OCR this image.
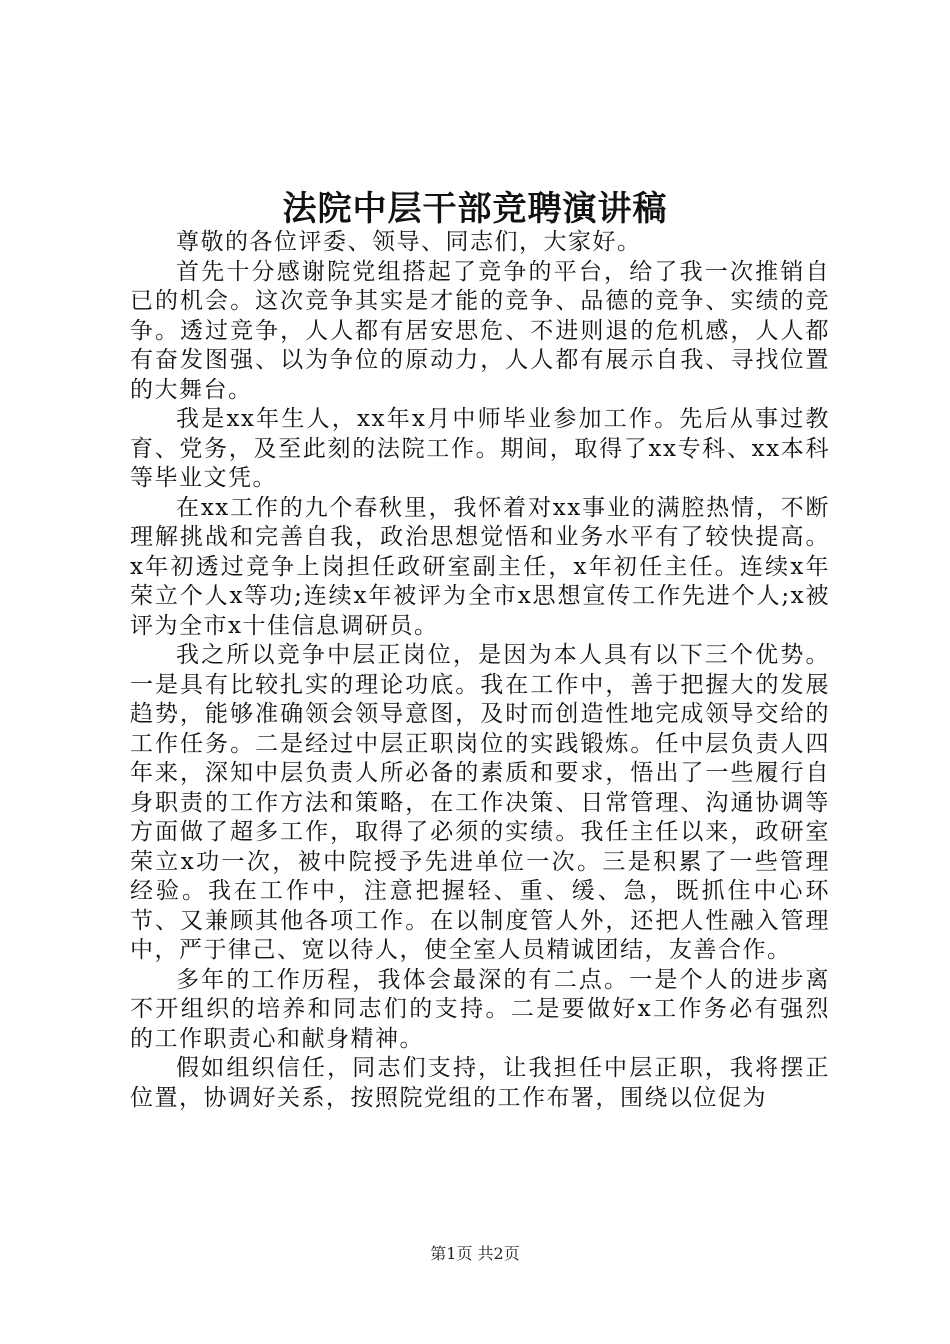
法院中层干部竞聘演讲稿

尊敬的各位评委、领导、同志们，大家好。

首先十分感谢院党组搭起了竞争的平台，给了我一次推销自已的机会。这次竞争其实是才能的竞争、品德的竞争、实绩的竞争。透过竞争，人人都有居安思危、不进则退的危机感，人人都有奋发图强、以为争位的原动力，人人都有展示自我、寻找位置的大舞台。

我是xx年生人，xx年x月中师毕业参加工作。先后从事过教育、党务，及至此刻的法院工作。期间，取得了xx专科、xx本科等毕业文凭。

在xx工作的九个春秋里，我怀着对xx事业的满腔热情，不断理解挑战和完善自我，政治思想觉悟和业务水平有了较快提高。x年初透过竞争上岗担任政研室副主任，x年初任主任。连续x年荣立个人x等功;连续x年被评为全市x思想宣传工作先进个人;x被评为全市x十佳信息调研员。

我之所以竞争中层正岗位，是因为本人具有以下三个优势。一是具有比较扎实的理论功底。我在工作中，善于把握大的发展趋势，能够准确领会领导意图，及时而创造性地完成领导交给的工作任务。二是经过中层正职岗位的实践锻炼。任中层负责人四年来，深知中层负责人所必备的素质和要求，悟出了一些履行自身职责的工作方法和策略，在工作决策、日常管理、沟通协调等方面做了超多工作，取得了必须的实绩。我任主任以来，政研室荣立x功一次，被中院授予先进单位一次。三是积累了一些管理经验。我在工作中，注意把握轻、重、缓、急，既抓住中心环节、又兼顾其他各项工作。在以制度管人外，还把人性融入管理中，严于律己、宽以待人，使全室人员精诚团结，友善合作。

多年的工作历程，我体会最深的有二点。一是个人的进步离不开组织的培养和同志们的支持。二是要做好x工作务必有强烈的工作职责心和献身精神。

假如组织信任，同志们支持，让我担任中层正职，我将摆正位置，协调好关系，按照院党组的工作布署，围绕以位促为

第1页 共2页
